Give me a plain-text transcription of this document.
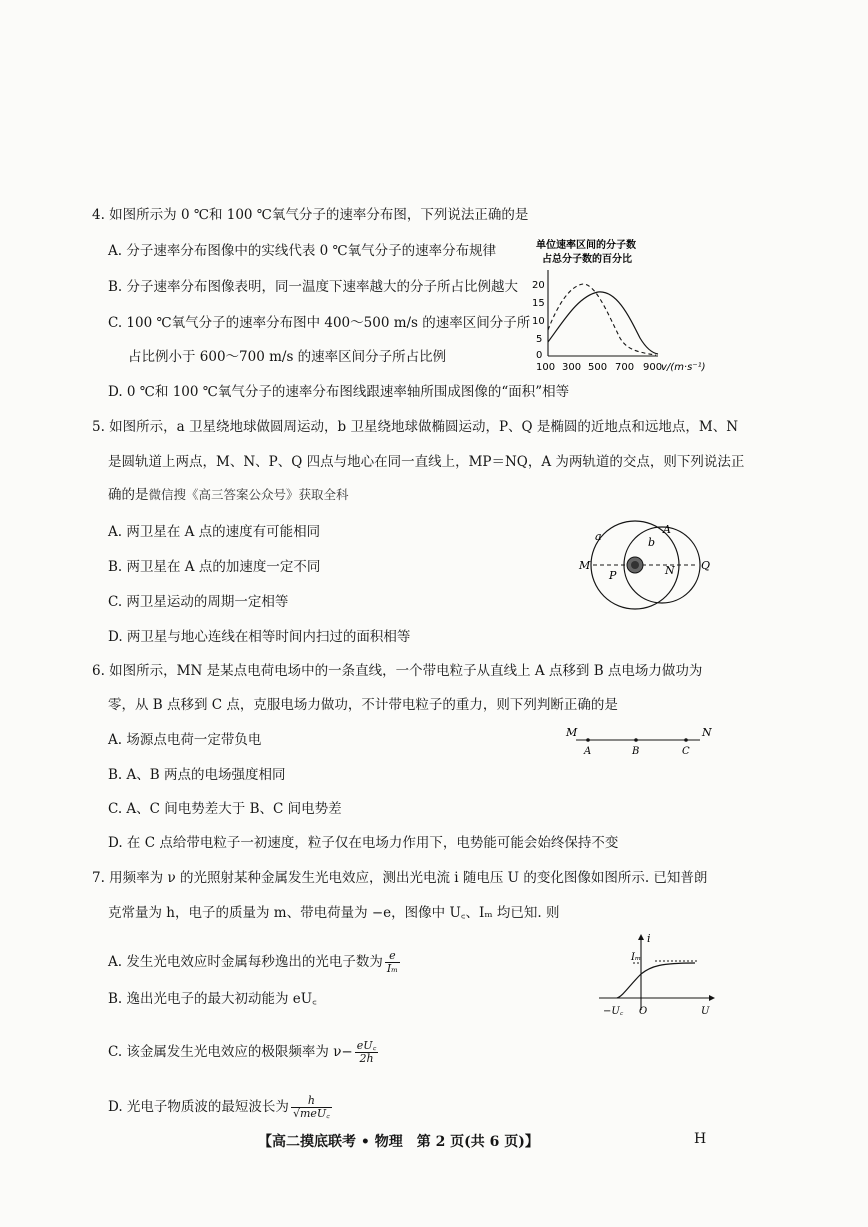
4. 如图所示为 0 ℃和 100 ℃氧气分子的速率分布图，下列说法正确的是
A. 分子速率分布图像中的实线代表 0 ℃氧气分子的速率分布规律
B. 分子速率分布图像表明，同一温度下速率越大的分子所占比例越大
C. 100 ℃氧气分子的速率分布图中 400～500 m/s 的速率区间分子所
占比例小于 600～700 m/s 的速率区间分子所占比例
D. 0 ℃和 100 ℃氧气分子的速率分布图线跟速率轴所围成图像的“面积”相等
单位速率区间的分子数
占总分子数的百分比
20
15
10
5
0
100 300 500 700 900
v/(m·s⁻¹)
5. 如图所示，a 卫星绕地球做圆周运动，b 卫星绕地球做椭圆运动，P、Q 是椭圆的近地点和远地点，M、N
是圆轨道上两点，M、N、P、Q 四点与地心在同一直线上，MP＝NQ，A 为两轨道的交点，则下列说法正
确的是微信搜《高三答案公众号》获取全科
A. 两卫星在 A 点的速度有可能相同
B. 两卫星在 A 点的加速度一定不同
C. 两卫星运动的周期一定相等
D. 两卫星与地心连线在相等时间内扫过的面积相等
a	b
A
M
P	N Q
6. 如图所示，MN 是某点电荷电场中的一条直线，一个带电粒子从直线上 A 点移到 B 点电场力做功为
零，从 B 点移到 C 点，克服电场力做功，不计带电粒子的重力，则下列判断正确的是
A. 场源点电荷一定带负电
B. A、B 两点的电场强度相同
C. A、C 间电势差大于 B、C 间电势差
D. 在 C 点给带电粒子一初速度，粒子仅在电场力作用下，电势能可能会始终保持不变
M
A	B	C
N
7. 用频率为 ν 的光照射某种金属发生光电效应，测出光电流 i 随电压 U 的变化图像如图所示. 已知普朗
克常量为 h，电子的质量为 m、带电荷量为 −e，图像中 U꜀、Iₘ 均已知. 则
A. 发生光电效应时金属每秒逸出的光电子数为 $\frac{e}{\text{Iₘ}}$
B. 逸出光电子的最大初动能为 eU꜀
C. 该金属发生光电效应的极限频率为 $\nu- \frac{eU꜀}{2h}$
D. 光电子物质波的最短波长为 $\frac{h}{\text{√meU꜀}}$
i
Iₘ
−U꜀ O	U
【高二摸底联考 • 物理　第 2 页(共 6 页)】	H
